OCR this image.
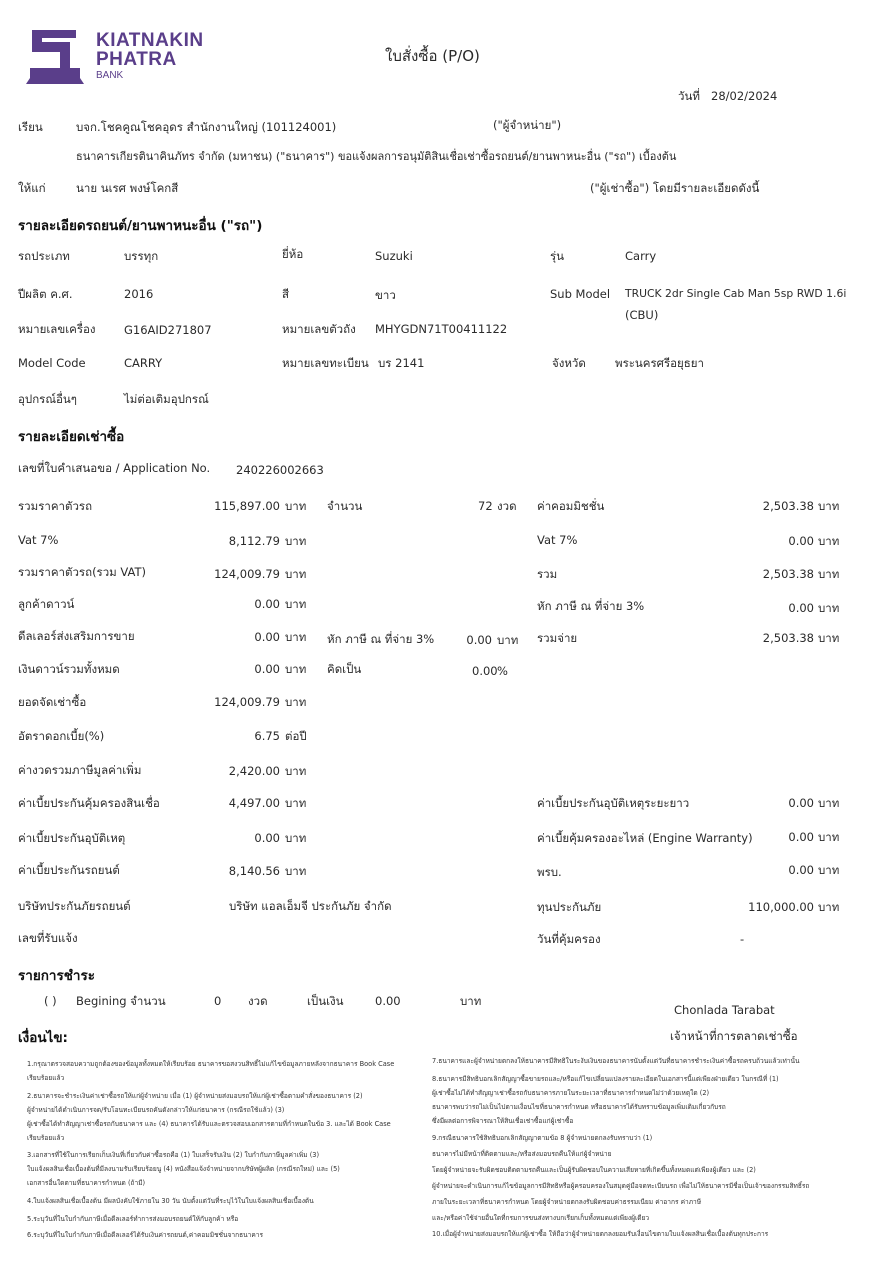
KIATNAKIN
PHATRA
BANK
ใบสั่งซื้อ (P/O)
วันที่ 28/02/2024
เรียน	บจก.โชคคูณโชคอุดร สำนักงานใหญ่ (101124001)	("ผู้จำหน่าย")
ธนาคารเกียรตินาคินภัทร จำกัด (มหาชน) ("ธนาคาร") ขอแจ้งผลการอนุมัติสินเชื่อเช่าซื้อรถยนต์/ยานพาหนะอื่น ("รถ") เบื้องต้น
ให้แก่	นาย นเรศ พงษ์โคกสี	("ผู้เช่าซื้อ") โดยมีรายละเอียดดังนี้
รายละเอียดรถยนต์/ยานพาหนะอื่น ("รถ")
รถประเภท	บรรทุก	ยี่ห้อ	Suzuki	รุ่น	Carry
ปีผลิต ค.ศ.	2016	สี	ขาว	Sub Model TRUCK 2dr Single Cab Man 5sp RWD 1.6i
(CBU)
หมายเลขเครื่อง G16AID271807	หมายเลขตัวถัง MHYGDN71T00411122
Model Code	CARRY	หมายเลขทะเบียน บร 2141	จังหวัด	พระนครศรีอยุธยา
อุปกรณ์อื่นๆ	ไม่ต่อเติมอุปกรณ์
รายละเอียดเช่าซื้อ
เลขที่ใบคำเสนอขอ / Application No. 240226002663
รวมราคาตัวรถ	115,897.00 บาท จำนวน	72 งวด ค่าคอมมิชชั่น	2,503.38 บาท
Vat 7%	8,112.79 บาท	Vat 7%	0.00 บาท
รวมราคาตัวรถ(รวม VAT)	124,009.79 บาท	รวม	2,503.38 บาท
ลูกค้าดาวน์	0.00 บาท	หัก ภาษี ณ ที่จ่าย 3%	0.00 บาท
ดีลเลอร์ส่งเสริมการขาย	0.00 บาท หัก ภาษี ณ ที่จ่าย 3%	0.00 บาท รวมจ่าย	2,503.38 บาท
เงินดาวน์รวมทั้งหมด	0.00 บาท คิดเป็น	0.00 %
ยอดจัดเช่าซื้อ	124,009.79 บาท
อัตราดอกเบี้ย(%)	6.75 ต่อปี
ค่างวดรวมภาษีมูลค่าเพิ่ม	2,420.00 บาท
ค่าเบี้ยประกันคุ้มครองสินเชื่อ	4,497.00 บาท	ค่าเบี้ยประกันอุบัติเหตุระยะยาว	0.00 บาท
ค่าเบี้ยประกันอุบัติเหตุ	0.00 บาท	ค่าเบี้ยคุ้มครองอะไหล่ (Engine Warranty)	0.00 บาท
ค่าเบี้ยประกันรถยนต์	8,140.56 บาท	พรบ.	0.00 บาท
บริษัทประกันภัยรถยนต์	บริษัท แอลเอ็มจี ประกันภัย จำกัด	ทุนประกันภัย	110,000.00 บาท
เลขที่รับแจ้ง	วันที่คุ้มครอง	-
รายการชำระ
( ) Begining จำนวน	0 งวด	เป็นเงิน	0.00	บาท
Chonlada Tarabat
เจ้าหน้าที่การตลาดเช่าซื้อ
เงื่อนไข:
1.กรุณาตรวจสอบความถูกต้องของข้อมูลทั้งหมดให้เรียบร้อย ธนาคารขอสงวนสิทธิ์ไม่แก้ไขข้อมูลภายหลังจากธนาคาร Book Case
เรียบร้อยแล้ว
2.ธนาคารจะชำระเงินค่าเช่าซื้อรถให้แก่ผู้จำหน่าย เมื่อ (1) ผู้จำหน่ายส่งมอบรถให้แก่ผู้เช่าซื้อตามคำสั่งของธนาคาร (2)
ผู้จำหน่ายได้ดำเนินการจด/รับโอนทะเบียนรถคันดังกล่าวให้แก่ธนาคาร (กรณีรถใช้แล้ว) (3)
ผู้เช่าซื้อได้ทำสัญญาเช่าซื้อรถกับธนาคาร และ (4) ธนาคารได้รับและตรวจสอบเอกสารตามที่กำหนดในข้อ 3. และได้ Book Case
เรียบร้อยแล้ว
3.เอกสารที่ใช้ในการเรียกเก็บเงินที่เกี่ยวกับค่าซื้อรถคือ (1) ใบเสร็จรับเงิน (2) ใบกำกับภาษีมูลค่าเพิ่ม (3)
ใบแจ้งผลสินเชื่อเบื้องต้นที่มีลงนามรับเรียบร้อยนู (4) หนังสือแจ้งจำหน่ายจากบริษัทผู้ผลิต (กรณีรถใหม่) และ (5)
เอกสารอื่นใดตามที่ธนาคารกำหนด (ถ้ามี)
4.ใบแจ้งผลสินเชื่อเบื้องต้น มีผลบังคับใช้ภายใน 30 วัน นับตั้งแต่วันที่ระบุไว้ในใบแจ้งผลสินเชื่อเบื้องต้น
5.ระบุวันที่ในใบกำกับภาษีเมื่อดีลเลอร์ทำการส่งมอบรถยนต์ให้กับลูกค้า หรือ
6.ระบุวันที่ในใบกำกับภาษีเมื่อดีลเลอร์ได้รับเงินค่ารถยนต์,ค่าคอมมิชชั่นจากธนาคาร
7.ธนาคารและผู้จำหน่ายตกลงให้ธนาคารมีสิทธิในระงับเงินของธนาคารนับตั้งแต่วันที่ธนาคารชำระเงินค่าซื้อรถครบถ้วนแล้วเท่านั้น
8.ธนาคารมีสิทธิบอกเลิกสัญญาซื้อขายรถและ/หรือแก้ไขเปลี่ยนแปลงรายละเอียดในเอกสารนี้แต่เพียงฝ่ายเดียว ในกรณีที่ (1)
ผู้เช่าซื้อไม่ได้ทำสัญญาเช่าซื้อรถกับธนาคารภายในระยะเวลาที่ธนาคารกำหนดไม่ว่าด้วยเหตุใด (2)
ธนาคารพบว่ารถไม่เป็นไปตามเงื่อนไขที่ธนาคารกำหนด หรือธนาคารได้รับทราบข้อมูลเพิ่มเติมเกี่ยวกับรถ
ซึ่งมีผลต่อการพิจารณาให้สินเชื่อเช่าซื้อแก่ผู้เช่าซื้อ
9.กรณีธนาคารใช้สิทธิบอกเลิกสัญญาตามข้อ 8 ผู้จำหน่ายตกลงรับทราบว่า (1)
ธนาคารไม่มีหน้าที่ติดตามและ/หรือส่งมอบรถคืนให้แก่ผู้จำหน่าย
โดยผู้จำหน่ายจะรับผิดชอบติดตามรถคืนและเป็นผู้รับผิดชอบในความเสียหายที่เกิดขึ้นทั้งหมดแต่เพียงผู้เดียว และ (2)
ผู้จำหน่ายจะดำเนินการแก้ไขข้อมูลการมีสิทธิหรือผู้ครอบครองในสมุดคู่มือจดทะเบียนรถ เพื่อไม่ให้ธนาคารมีชื่อเป็นเจ้าของกรรมสิทธิ์รถ
ภายในระยะเวลาที่ธนาคารกำหนด โดยผู้จำหน่ายตกลงรับผิดชอบค่าธรรมเนียม ค่าอากร ค่าภาษี
และ/หรือค่าใช้จ่ายอื่นใดที่กรมการขนส่งทางบกเรียกเก็บทั้งหมดแต่เพียงผู้เดียว
10.เมื่อผู้จำหน่ายส่งมอบรถให้แก่ผู้เช่าซื้อ ให้ถือว่าผู้จำหน่ายตกลงยอมรับเงื่อนไขตามใบแจ้งผลสินเชื่อเบื้องต้นทุกประการ
